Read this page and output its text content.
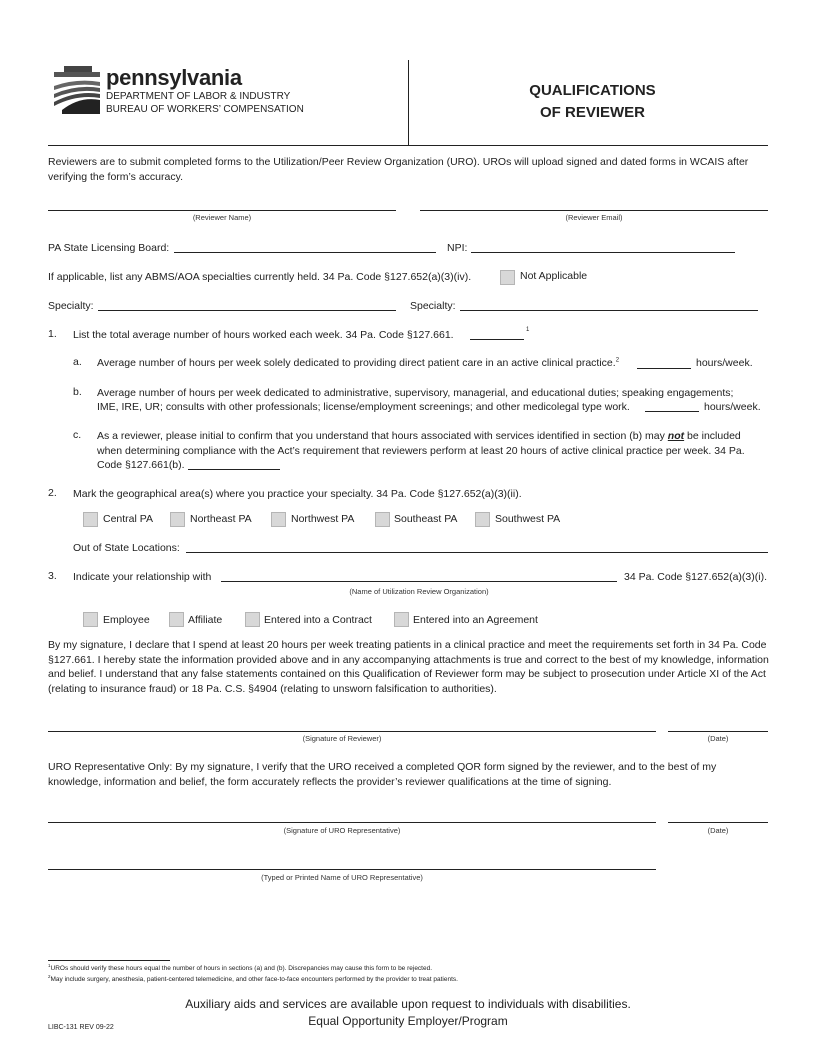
pennsylvania
DEPARTMENT OF LABOR & INDUSTRY
BUREAU OF WORKERS’ COMPENSATION
QUALIFICATIONS
OF REVIEWER
Reviewers are to submit completed forms to the Utilization/Peer Review Organization (URO). UROs will upload signed and dated forms in WCAIS after verifying the form’s accuracy.
(Reviewer Name)	(Reviewer Email)
PA State Licensing Board:	NPI:
If applicable, list any ABMS/AOA specialties currently held. 34 Pa. Code §127.652(a)(3)(iv).	Not Applicable
Specialty:	Specialty:
1. List the total average number of hours worked each week. 34 Pa. Code §127.661.	1
a. Average number of hours per week solely dedicated to providing direct patient care in an active clinical practice.$^2$	hours/week.
b. Average number of hours per week dedicated to administrative, supervisory, managerial, and educational duties; speaking engagements;
IME, IRE, UR; consults with other professionals; license/employment screenings; and other medicolegal type work.	hours/week.
c. As a reviewer, please initial to confirm that you understand that hours associated with services identified in section (b) may not be included when determining compliance with the Act’s requirement that reviewers perform at least 20 hours of active clinical practice per week. 34 Pa. Code §127.661(b).
2. Mark the geographical area(s) where you practice your specialty. 34 Pa. Code §127.652(a)(3)(ii).
Central PA	Northeast PA	Northwest PA	Southeast PA	Southwest PA
Out of State Locations:
3. Indicate your relationship with	34 Pa. Code §127.652(a)(3)(i).
(Name of Utilization Review Organization)
Employee	Affiliate	Entered into a Contract	Entered into an Agreement
By my signature, I declare that I spend at least 20 hours per week treating patients in a clinical practice and meet the requirements set forth in 34 Pa. Code §127.661. I hereby state the information provided above and in any accompanying attachments is true and correct to the best of my knowledge, information and belief. I understand that any false statements contained on this Qualification of Reviewer form may be subject to prosecution under Article XI of the Act (relating to insurance fraud) or 18 Pa. C.S. §4904 (relating to unsworn falsification to authorities).
(Signature of Reviewer)	(Date)
URO Representative Only: By my signature, I verify that the URO received a completed QOR form signed by the reviewer, and to the best of my knowledge, information and belief, the form accurately reflects the provider’s reviewer qualifications at the time of signing.
(Signature of URO Representative)	(Date)
(Typed or Printed Name of URO Representative)
$^1$UROs should verify these hours equal the number of hours in sections (a) and (b). Discrepancies may cause this form to be rejected.
$^2$May include surgery, anesthesia, patient-centered telemedicine, and other face-to-face encounters performed by the provider to treat patients.
Auxiliary aids and services are available upon request to individuals with disabilities.
Equal Opportunity Employer/Program
LIBC-131 REV 09-22
